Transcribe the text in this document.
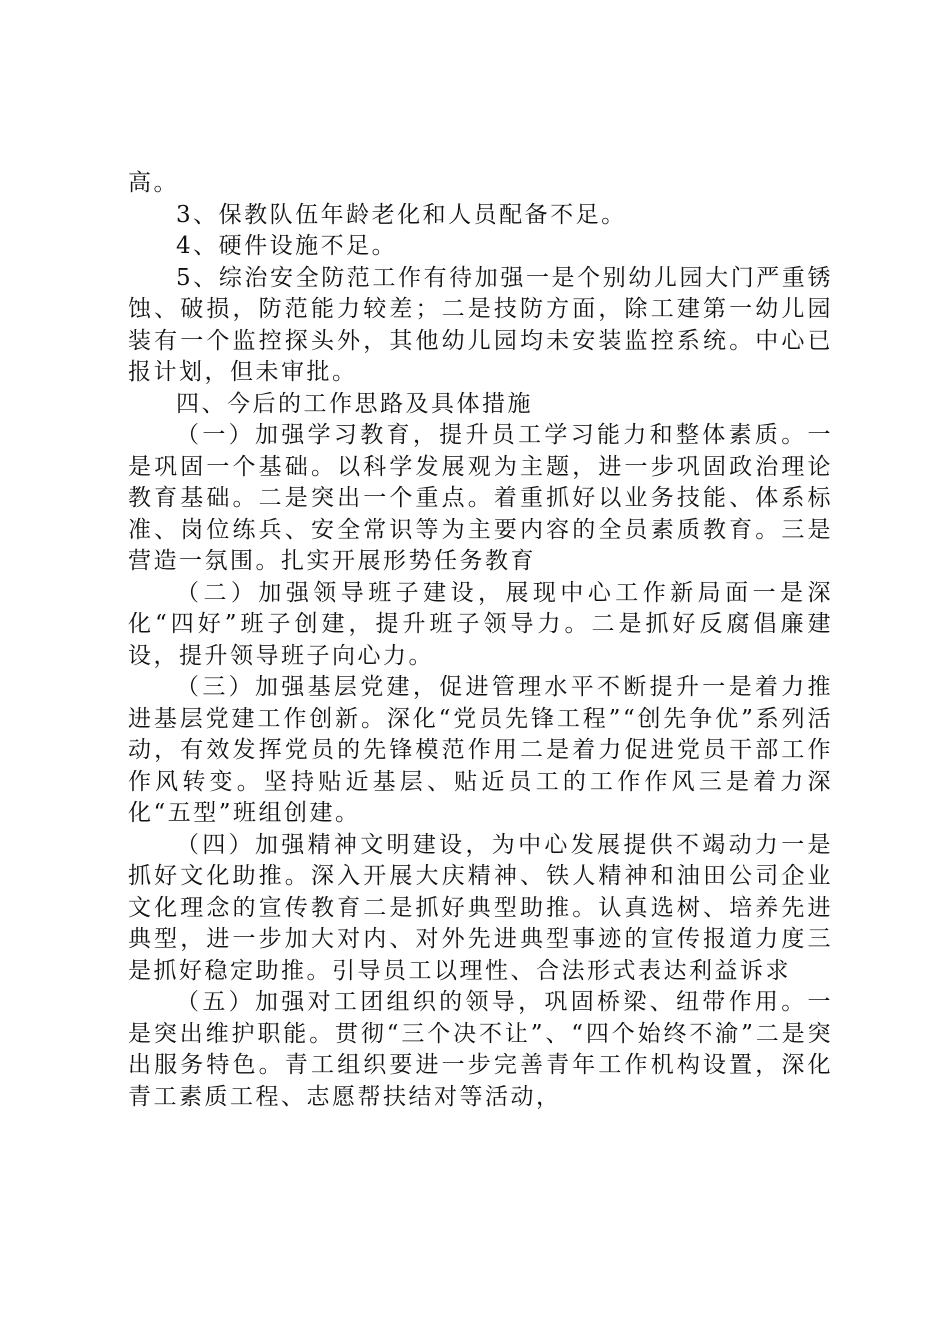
高。

3、保教队伍年龄老化和人员配备不足。

4、硬件设施不足。

5、综治安全防范工作有待加强一是个别幼儿园大门严重锈蚀、破损，防范能力较差；二是技防方面，除工建第一幼儿园装有一个监控探头外，其他幼儿园均未安装监控系统。中心已报计划，但未审批。

四、今后的工作思路及具体措施

（一）加强学习教育，提升员工学习能力和整体素质。一是巩固一个基础。以科学发展观为主题，进一步巩固政治理论教育基础。二是突出一个重点。着重抓好以业务技能、体系标准、岗位练兵、安全常识等为主要内容的全员素质教育。三是营造一氛围。扎实开展形势任务教育

（二）加强领导班子建设，展现中心工作新局面一是深化“四好”班子创建，提升班子领导力。二是抓好反腐倡廉建设，提升领导班子向心力。

（三）加强基层党建，促进管理水平不断提升一是着力推进基层党建工作创新。深化“党员先锋工程”“创先争优”系列活动，有效发挥党员的先锋模范作用二是着力促进党员干部工作作风转变。坚持贴近基层、贴近员工的工作作风三是着力深化“五型”班组创建。

（四）加强精神文明建设，为中心发展提供不竭动力一是抓好文化助推。深入开展大庆精神、铁人精神和油田公司企业文化理念的宣传教育二是抓好典型助推。认真选树、培养先进典型，进一步加大对内、对外先进典型事迹的宣传报道力度三是抓好稳定助推。引导员工以理性、合法形式表达利益诉求

（五）加强对工团组织的领导，巩固桥梁、纽带作用。一是突出维护职能。贯彻“三个决不让”、“四个始终不渝”二是突出服务特色。青工组织要进一步完善青年工作机构设置，深化青工素质工程、志愿帮扶结对等活动，
